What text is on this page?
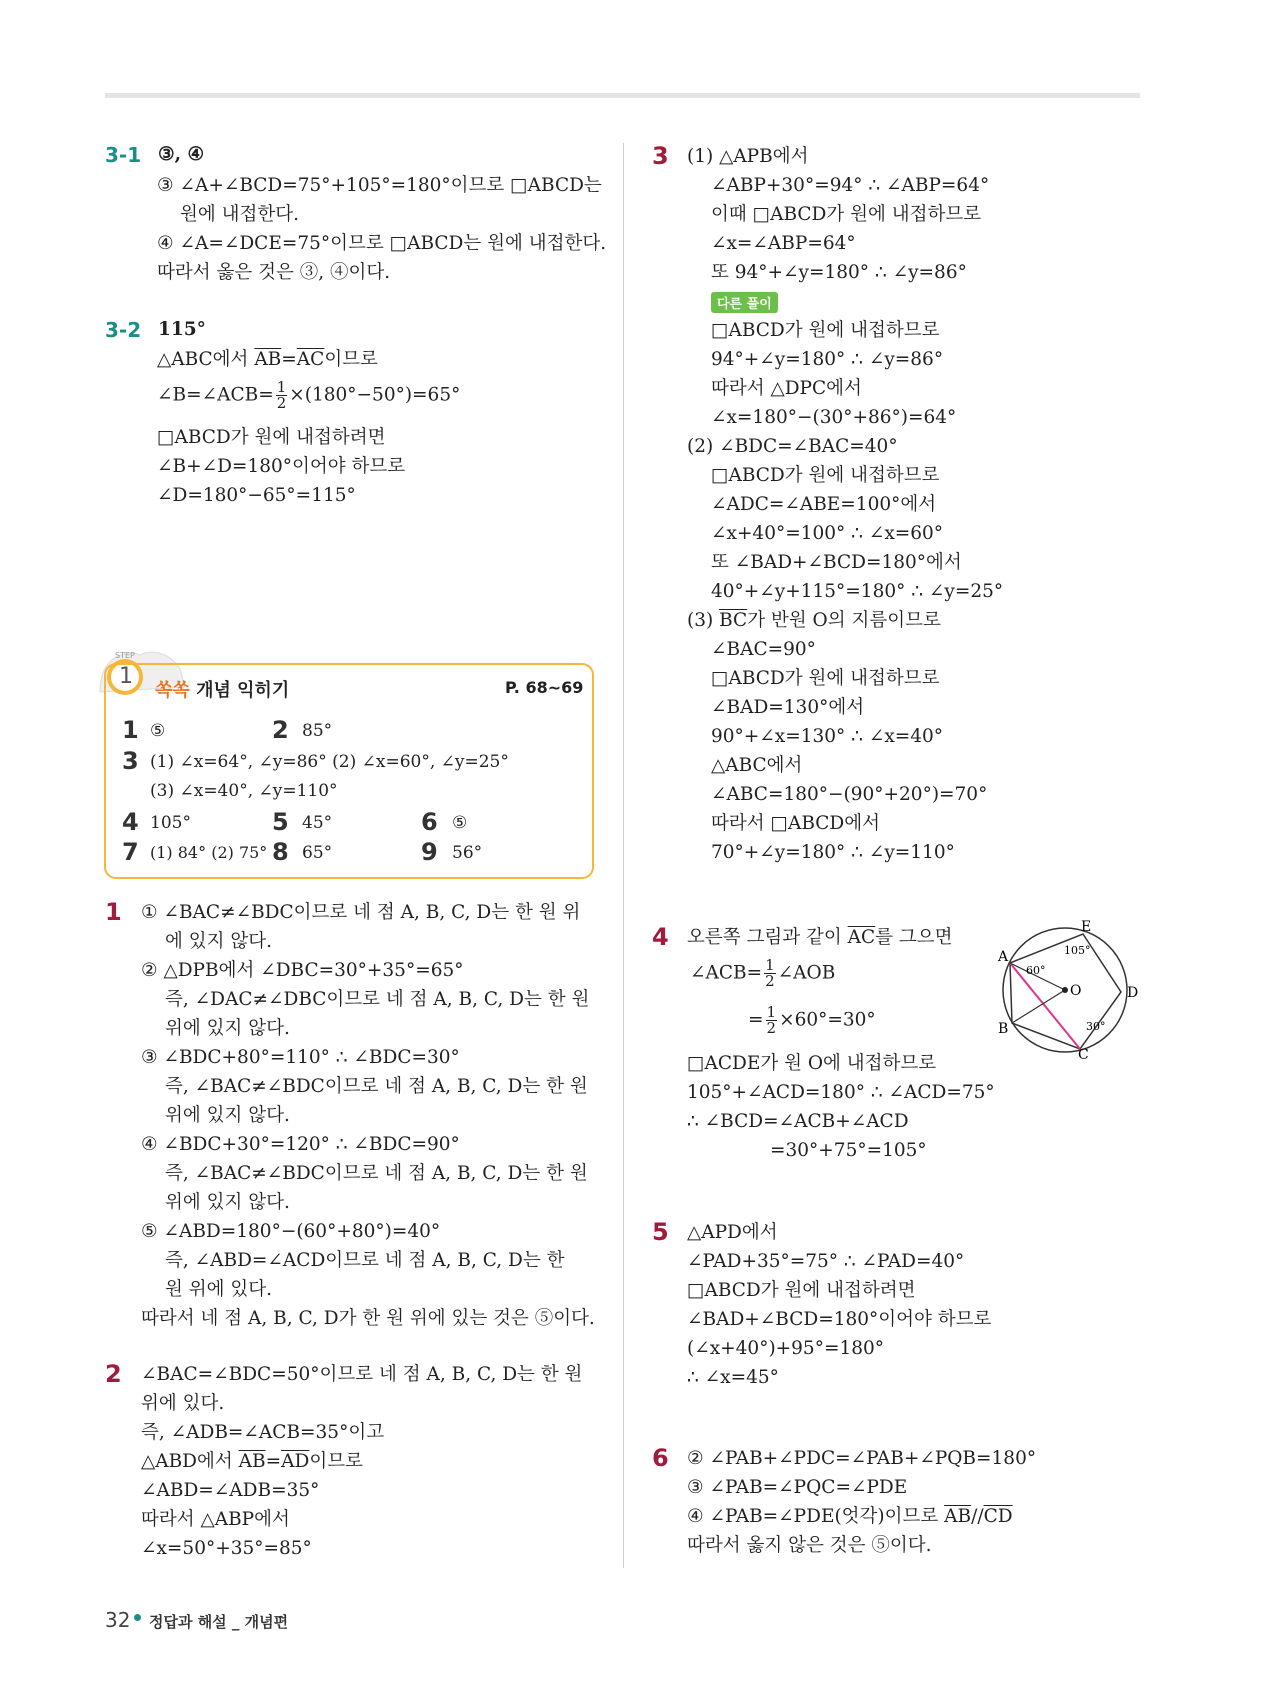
3-1 ③, ④
③ ∠A+∠BCD=75°+105°=180°이므로 □ABCD는
원에 내접한다.
④ ∠A=∠DCE=75°이므로 □ABCD는 원에 내접한다.
따라서 옳은 것은 ③, ④이다.
3-2 115°
△ABC에서 $\overline{AB}=\overline{AC}$이므로
∠B=∠ACB= $\frac{1}{2} \times(180^\circ-50^\circ)=65^\circ$
□ABCD가 원에 내접하려면
∠B+∠D=180°이어야 하므로
∠D=180°−65°=115°
STEP
1
쏙쏙 개념 익히기	P. 68~69
1 ⑤	2 85°
3 (1) ∠x=64°, ∠y=86° (2) ∠x=60°, ∠y=25°
(3) ∠x=40°, ∠y=110°
4 105°	5 45°	6 ⑤
7 (1) 84° (2) 75° 8 65°	9 56°
1 ① ∠BAC≠∠BDC이므로 네 점 A, B, C, D는 한 원 위
에 있지 않다.
② △DPB에서 ∠DBC=30°+35°=65°
즉, ∠DAC≠∠DBC이므로 네 점 A, B, C, D는 한 원
위에 있지 않다.
③ ∠BDC+80°=110° ∴ ∠BDC=30°
즉, ∠BAC≠∠BDC이므로 네 점 A, B, C, D는 한 원
위에 있지 않다.
④ ∠BDC+30°=120° ∴ ∠BDC=90°
즉, ∠BAC≠∠BDC이므로 네 점 A, B, C, D는 한 원
위에 있지 않다.
⑤ ∠ABD=180°−(60°+80°)=40°
즉, ∠ABD=∠ACD이므로 네 점 A, B, C, D는 한
원 위에 있다.
따라서 네 점 A, B, C, D가 한 원 위에 있는 것은 ⑤이다.
2 ∠BAC=∠BDC=50°이므로 네 점 A, B, C, D는 한 원
위에 있다.
즉, ∠ADB=∠ACB=35°이고
△ABD에서 $\overline{AB}=\overline{AD}$이므로
∠ABD=∠ADB=35°
따라서 △ABP에서
∠x=50°+35°=85°
3 (1) △APB에서
∠ABP+30°=94° ∴ ∠ABP=64°
이때 □ABCD가 원에 내접하므로
∠x=∠ABP=64°
또 94°+∠y=180° ∴ ∠y=86°
다른 풀이
□ABCD가 원에 내접하므로
94°+∠y=180° ∴ ∠y=86°
따라서 △DPC에서
∠x=180°−(30°+86°)=64°
(2) ∠BDC=∠BAC=40°
□ABCD가 원에 내접하므로
∠ADC=∠ABE=100°에서
∠x+40°=100° ∴ ∠x=60°
또 ∠BAD+∠BCD=180°에서
40°+∠y+115°=180° ∴ ∠y=25°
(3) $\overline{BC}$가 반원 O의 지름이므로
∠BAC=90°
□ABCD가 원에 내접하므로
∠BAD=130°에서
90°+∠x=130° ∴ ∠x=40°
△ABC에서
∠ABC=180°−(90°+20°)=70°
따라서 □ABCD에서
70°+∠y=180° ∴ ∠y=110°
4 오른쪽 그림과 같이 $\overline{AC}$를 그으면
∠ACB= $\frac{1}{2}$ ∠AOB
= $\frac{1}{2} \times 60^\circ=30^\circ$
□ACDE가 원 O에 내접하므로
105°+∠ACD=180° ∴ ∠ACD=75°
∴ ∠BCD=∠ACB+∠ACD
=30°+75°=105°
A
B
C
D
E
O
60°
105°
30°
5 △APD에서
∠PAD+35°=75° ∴ ∠PAD=40°
□ABCD가 원에 내접하려면
∠BAD+∠BCD=180°이어야 하므로
(∠x+40°)+95°=180°
∴ ∠x=45°
6 ② ∠PAB+∠PDC=∠PAB+∠PQB=180°
③ ∠PAB=∠PQC=∠PDE
④ ∠PAB=∠PDE(엇각)이므로 $\overline{AB}//\overline{CD}$
따라서 옳지 않은 것은 ⑤이다.
32 정답과 해설 _ 개념편
